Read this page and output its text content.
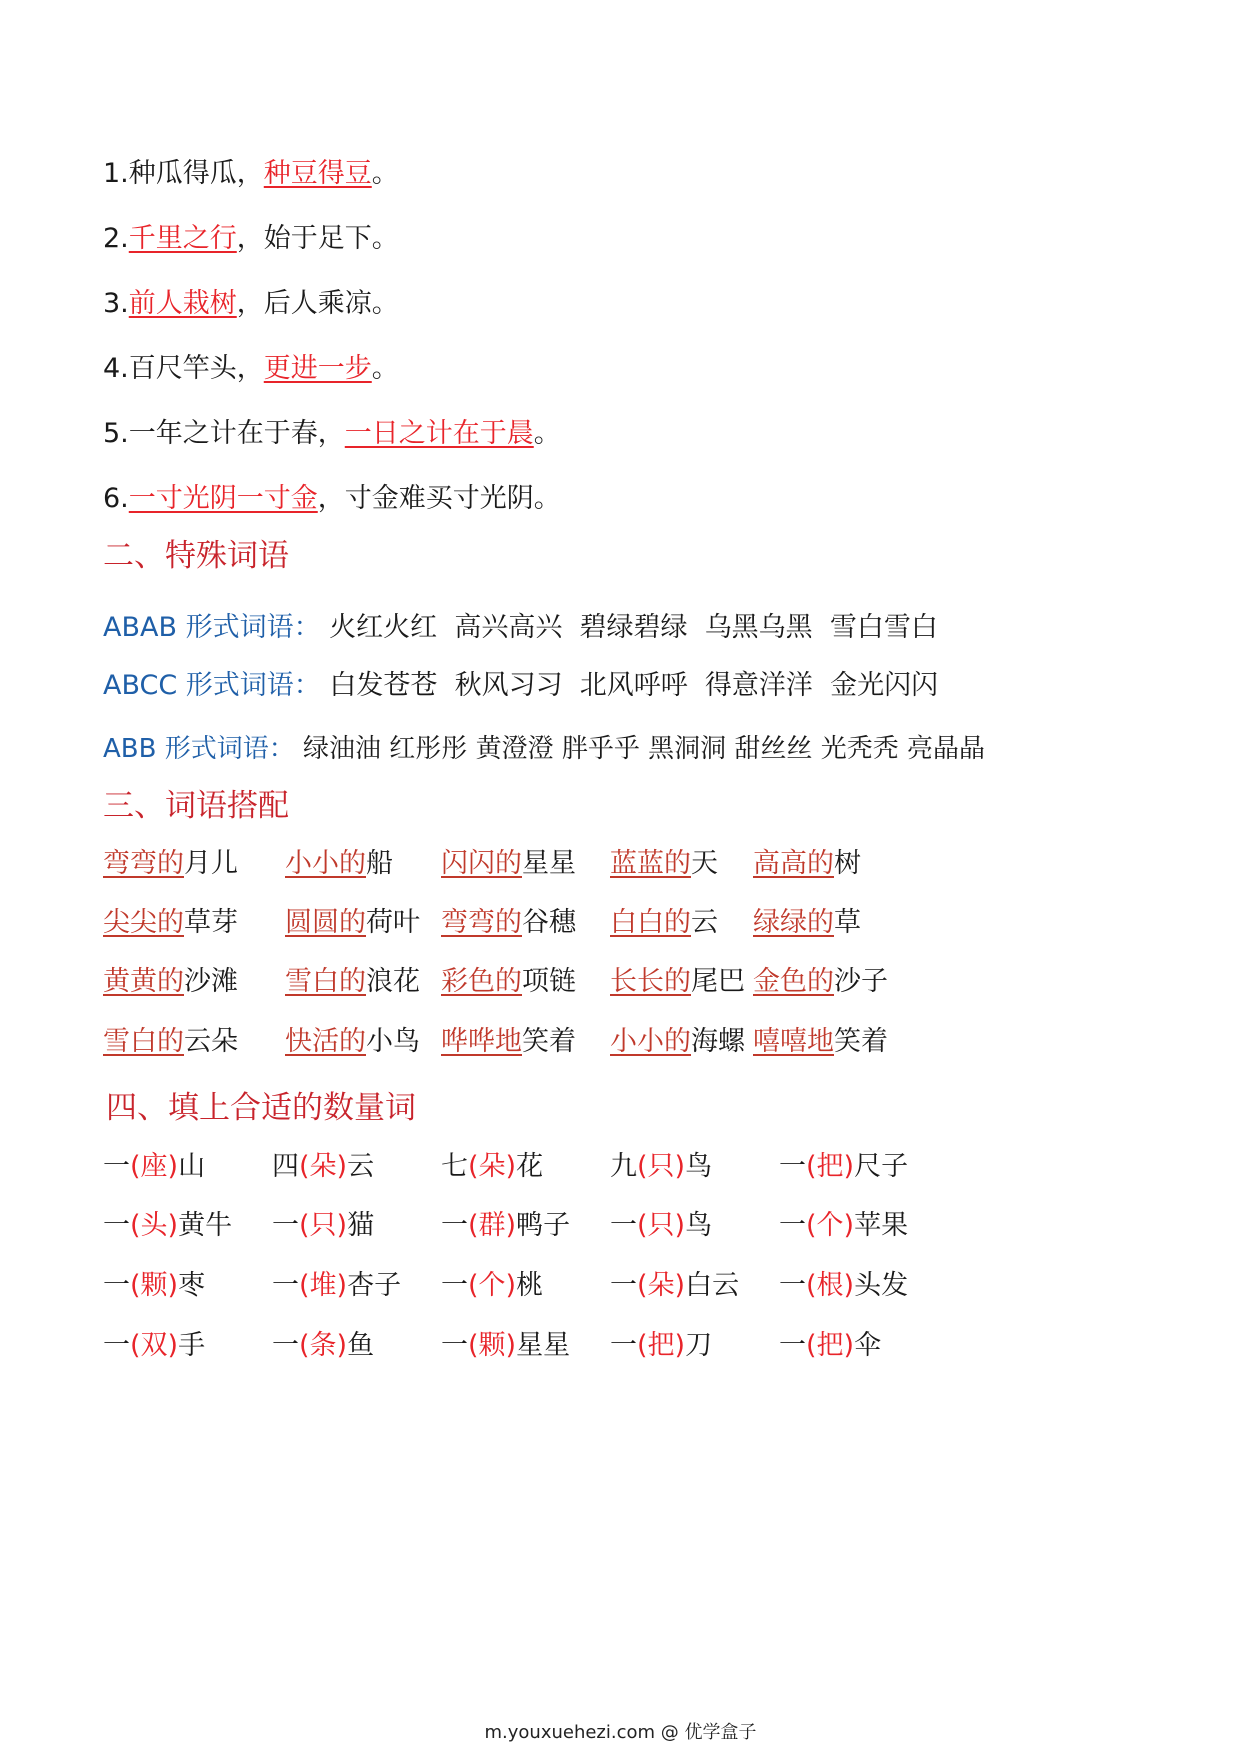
1.种瓜得瓜，种豆得豆。
2.千里之行，始于足下。
3.前人栽树，后人乘凉。
4.百尺竿头，更进一步。
5.一年之计在于春，一日之计在于晨。
6.一寸光阴一寸金，寸金难买寸光阴。
二、特殊词语
ABAB 形式词语： 火红火红 高兴高兴 碧绿碧绿 乌黑乌黑 雪白雪白
ABCC 形式词语： 白发苍苍 秋风习习 北风呼呼 得意洋洋 金光闪闪
ABB 形式词语： 绿油油 红彤彤 黄澄澄 胖乎乎 黑洞洞 甜丝丝 光秃秃 亮晶晶
三、词语搭配
弯弯的月儿 小小的船 闪闪的星星 蓝蓝的天 高高的树
尖尖的草芽 圆圆的荷叶 弯弯的谷穗 白白的云 绿绿的草
黄黄的沙滩 雪白的浪花 彩色的项链 长长的尾巴 金色的沙子
雪白的云朵 快活的小鸟 哗哗地笑着 小小的海螺 嘻嘻地笑着
四、填上合适的数量词
一(座)山 四(朵)云 七(朵)花 九(只)鸟 一(把)尺子
一(头)黄牛 一(只)猫 一(群)鸭子 一(只)鸟 一(个)苹果
一(颗)枣 一(堆)杏子 一(个)桃 一(朵)白云 一(根)头发
一(双)手 一(条)鱼 一(颗)星星 一(把)刀 一(把)伞
m.youxuehezi.com @ 优学盒子
